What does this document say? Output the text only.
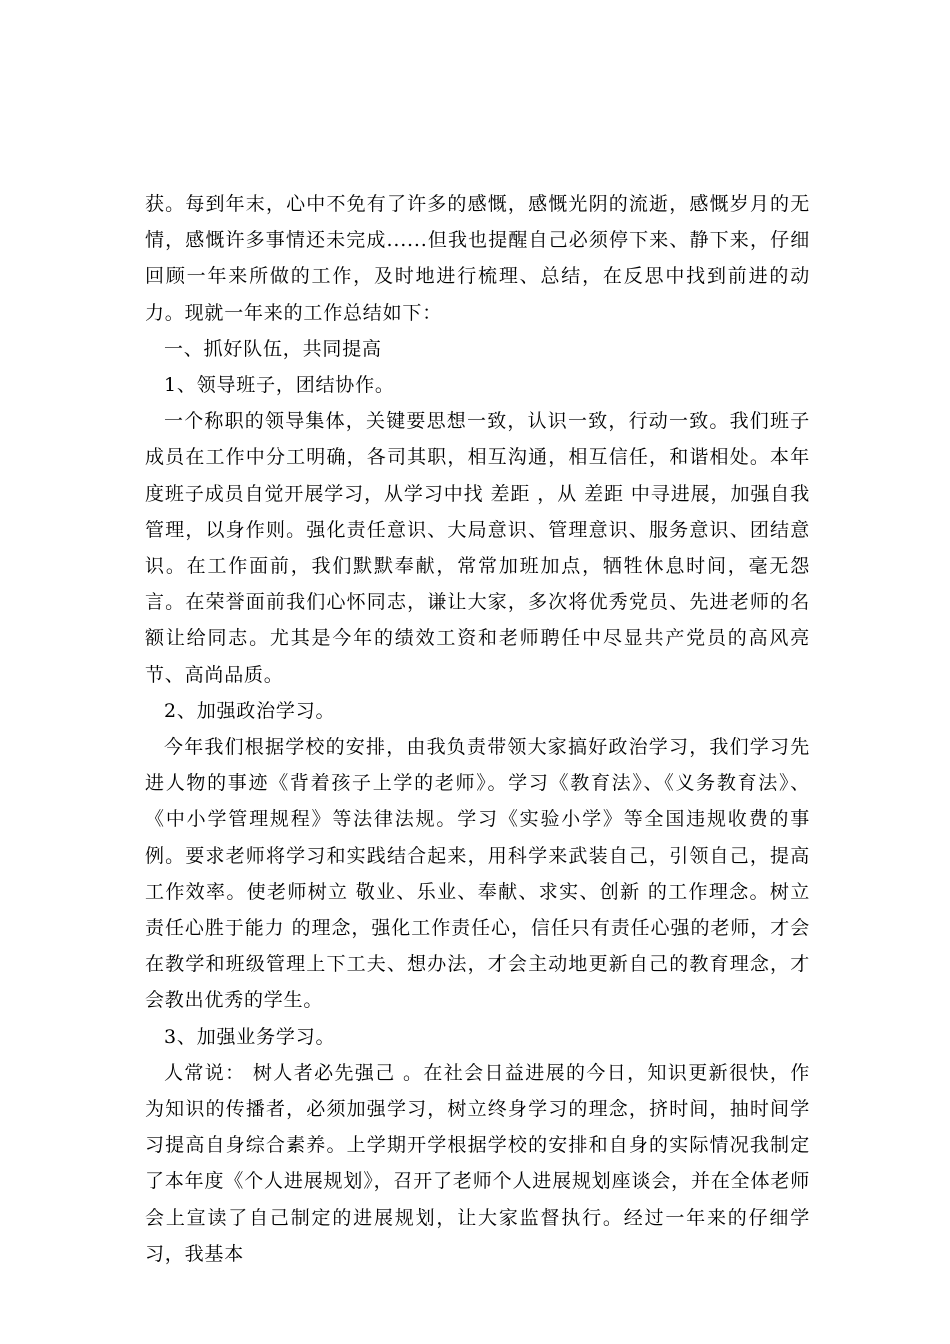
获。每到年末，心中不免有了许多的感慨，感慨光阴的流逝，感慨岁月的无情，感慨许多事情还未完成......但我也提醒自己必须停下来、静下来，仔细回顾一年来所做的工作，及时地进行梳理、总结，在反思中找到前进的动力。现就一年来的工作总结如下：

一、抓好队伍，共同提高

1、领导班子，团结协作。

一个称职的领导集体，关键要思想一致，认识一致，行动一致。我们班子成员在工作中分工明确，各司其职，相互沟通，相互信任，和谐相处。本年度班子成员自觉开展学习，从学习中找 差距 ，从 差距 中寻进展，加强自我管理，以身作则。强化责任意识、大局意识、管理意识、服务意识、团结意识。在工作面前，我们默默奉献，常常加班加点，牺牲休息时间，毫无怨言。在荣誉面前我们心怀同志，谦让大家，多次将优秀党员、先进老师的名额让给同志。尤其是今年的绩效工资和老师聘任中尽显共产党员的高风亮节、高尚品质。

2、加强政治学习。

今年我们根据学校的安排，由我负责带领大家搞好政治学习，我们学习先进人物的事迹《背着孩子上学的老师》。学习《教育法》、《义务教育法》、《中小学管理规程》等法律法规。学习《实验小学》等全国违规收费的事例。要求老师将学习和实践结合起来，用科学来武装自己，引领自己，提高工作效率。使老师树立 敬业、乐业、奉献、求实、创新 的工作理念。树立 责任心胜于能力 的理念，强化工作责任心，信任只有责任心强的老师，才会在教学和班级管理上下工夫、想办法，才会主动地更新自己的教育理念，才会教出优秀的学生。

3、加强业务学习。

人常说： 树人者必先强己 。在社会日益进展的今日，知识更新很快，作为知识的传播者，必须加强学习，树立终身学习的理念，挤时间，抽时间学习提高自身综合素养。上学期开学根据学校的安排和自身的实际情况我制定了本年度《个人进展规划》，召开了老师个人进展规划座谈会，并在全体老师会上宣读了自己制定的进展规划，让大家监督执行。经过一年来的仔细学习，我基本
